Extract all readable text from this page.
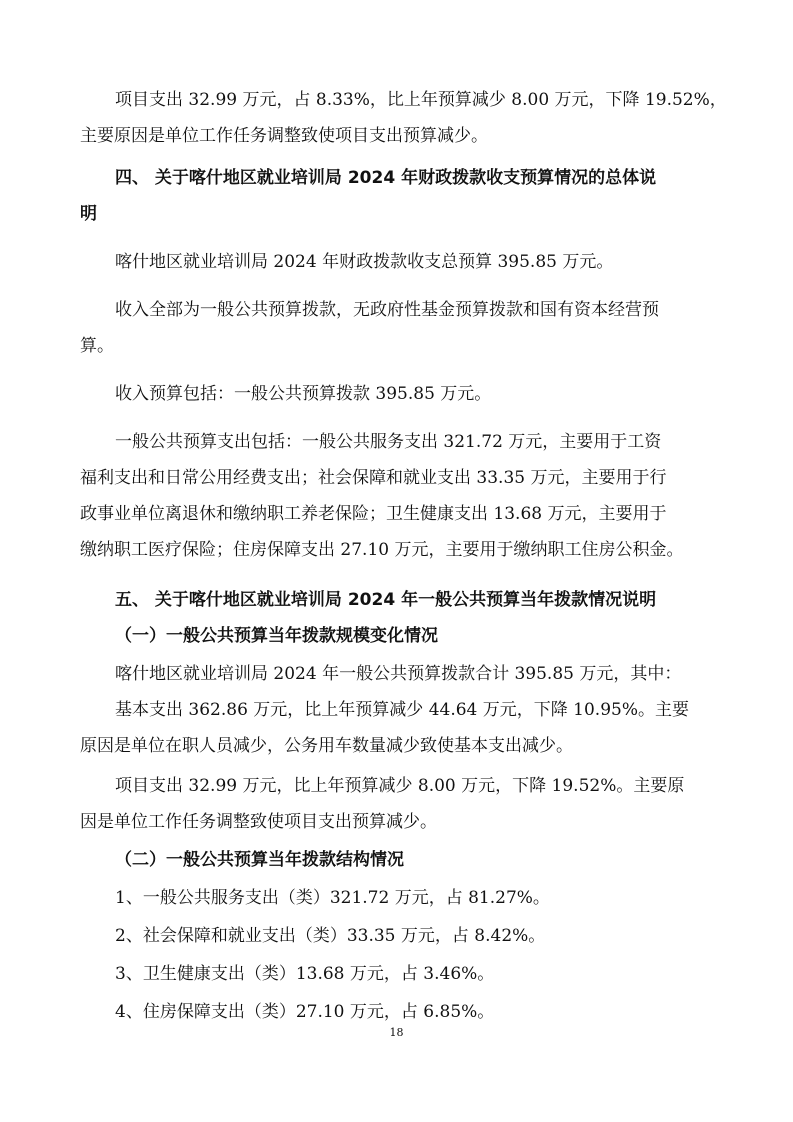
项目支出 32.99 万元，占 8.33%，比上年预算减少 8.00 万元，下降 19.52%，
主要原因是单位工作任务调整致使项目支出预算减少。
四、 关于喀什地区就业培训局 2024 年财政拨款收支预算情况的总体说
明
喀什地区就业培训局 2024 年财政拨款收支总预算 395.85 万元。
收入全部为一般公共预算拨款，无政府性基金预算拨款和国有资本经营预
算。
收入预算包括：一般公共预算拨款 395.85 万元。
一般公共预算支出包括：一般公共服务支出 321.72 万元，主要用于工资
福利支出和日常公用经费支出；社会保障和就业支出 33.35 万元，主要用于行
政事业单位离退休和缴纳职工养老保险；卫生健康支出 13.68 万元，主要用于
缴纳职工医疗保险；住房保障支出 27.10 万元，主要用于缴纳职工住房公积金。
五、 关于喀什地区就业培训局 2024 年一般公共预算当年拨款情况说明
（一）一般公共预算当年拨款规模变化情况
喀什地区就业培训局 2024 年一般公共预算拨款合计 395.85 万元，其中：
基本支出 362.86 万元，比上年预算减少 44.64 万元，下降 10.95%。主要
原因是单位在职人员减少，公务用车数量减少致使基本支出减少。
项目支出 32.99 万元，比上年预算减少 8.00 万元，下降 19.52%。主要原
因是单位工作任务调整致使项目支出预算减少。
（二）一般公共预算当年拨款结构情况
1、一般公共服务支出（类）321.72 万元，占 81.27%。
2、社会保障和就业支出（类）33.35 万元，占 8.42%。
3、卫生健康支出（类）13.68 万元，占 3.46%。
4、住房保障支出（类）27.10 万元，占 6.85%。
18
